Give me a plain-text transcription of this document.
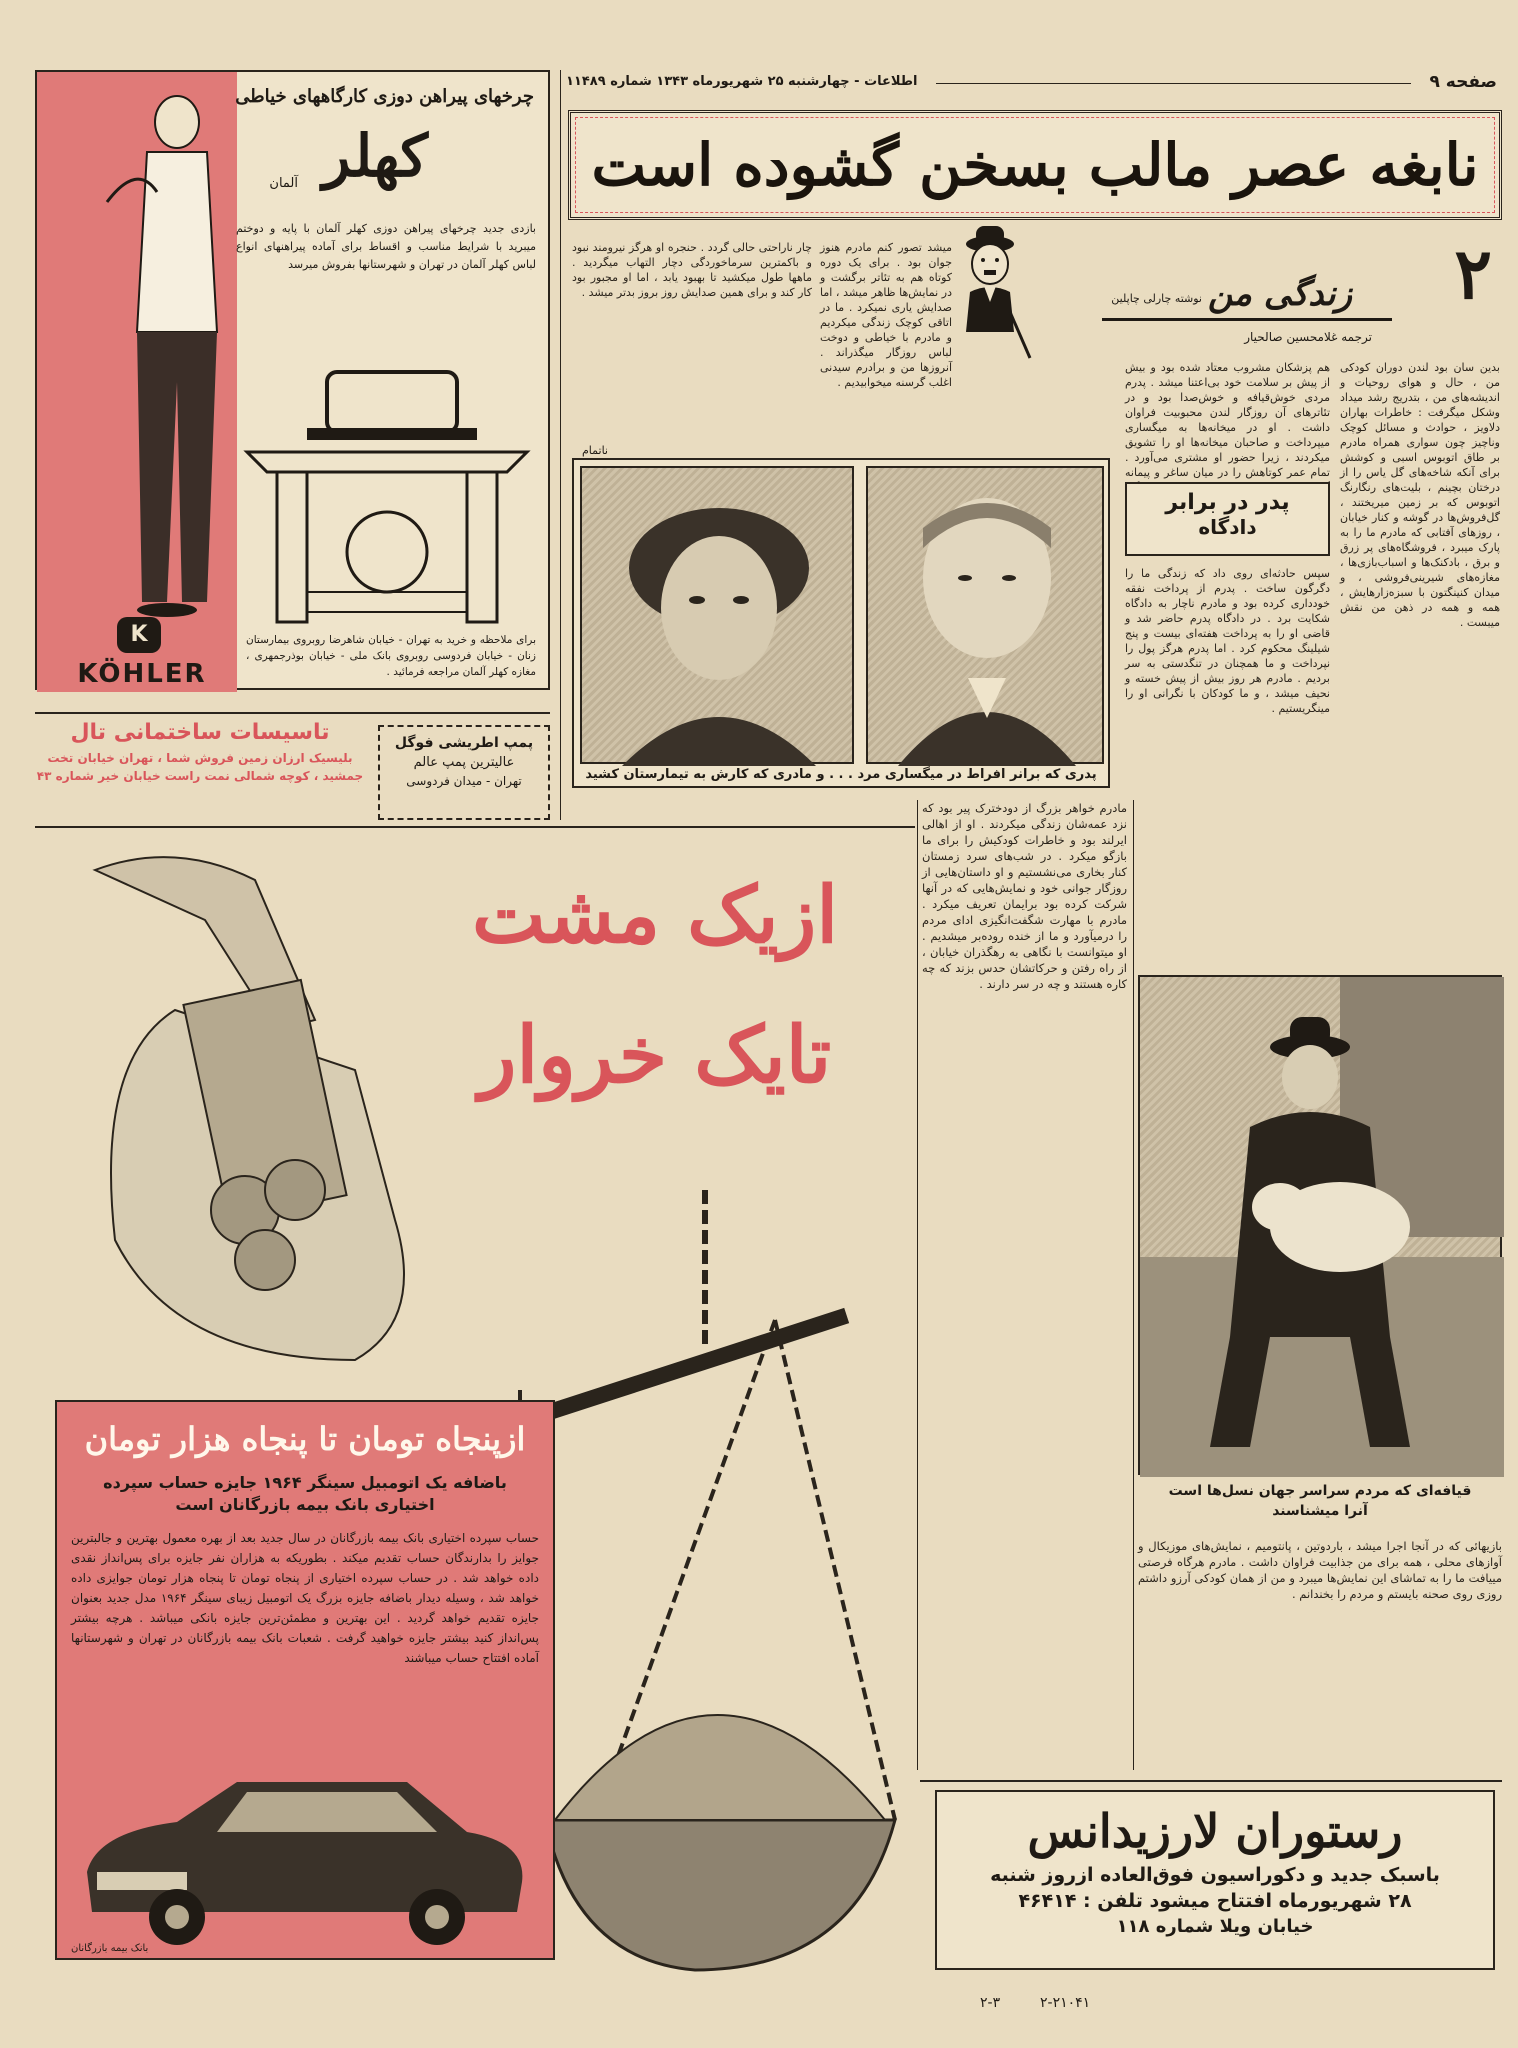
صفحه ۹
اطلاعات - چهارشنبه ۲۵ شهریورماه ۱۳۴۳ شماره ۱۱۴۸۹
نابغه عصر مالب بسخن گشوده است
۲
زندگی من
نوشته چارلی چاپلین
ترجمه غلامحسین صالحیار
بدین سان بود لندن دوران کودکی من ، حال و هوای روحیات و اندیشه‌های من ، بتدریج رشد میداد وشکل میگرفت : خاطرات بهاران دلاویز ، حوادث و مسائل کوچک وناچیز چون سواری همراه مادرم بر طاق اتوبوس اسبی و کوشش برای آنکه شاخه‌های گل یاس را از درختان بچینم ، بلیت‌های رنگارنگ اتوبوس که بر زمین میریختند ، گل‌فروش‌ها در گوشه و کنار خیابان ، روزهای آفتابی که مادرم ما را به پارک میبرد ، فروشگاه‌های پر زرق و برق ، بادکنک‌ها و اسباب‌بازی‌ها ، مغازه‌های شیرینی‌فروشی ، و میدان کنینگتون با سبزه‌زارهایش ، همه و همه در ذهن من نقش میبست .
هم پزشکان مشروب معتاد شده بود و بیش از پیش بر سلامت خود بی‌اعتنا میشد . پدرم مردی خوش‌قیافه و خوش‌صدا بود و در تئاترهای آن روزگار لندن محبوبیت فراوان داشت . او در میخانه‌ها به میگساری میپرداخت و صاحبان میخانه‌ها او را تشویق میکردند ، زیرا حضور او مشتری می‌آورد . تمام عمر کوتاهش را در میان ساغر و پیمانه
میشد تصور کنم مادرم هنوز جوان بود . برای یک دوره کوتاه هم به تئاتر برگشت و در نمایش‌ها ظاهر میشد ، اما صدایش یاری نمیکرد . ما در اتاقی کوچک زندگی میکردیم و مادرم با خیاطی و دوخت لباس روزگار میگذراند . آنروزها من و برادرم سیدنی اغلب گرسنه میخوابیدیم .
چار ناراحتی حالی گردد . حنجره او هرگز نیرومند نبود و باکمترین سرماخوردگی دچار التهاب میگردید . ماهها طول میکشید تا بهبود یابد ، اما او مجبور بود کار کند و برای همین صدایش روز بروز بدتر میشد .
ناتمام
پدر در برابر
دادگاه
سپس حادثه‌ای روی داد که زندگی ما را دگرگون ساخت . پدرم از پرداخت نفقه خودداری کرده بود و مادرم ناچار به دادگاه شکایت برد . در دادگاه پدرم حاضر شد و قاضی او را به پرداخت هفته‌ای بیست و پنج شیلینگ محکوم کرد . اما پدرم هرگز پول را نپرداخت و ما همچنان در تنگدستی به سر بردیم . مادرم هر روز بیش از پیش خسته و نحیف میشد ، و ما کودکان با نگرانی او را مینگریستیم .
پدری که برانر افراط در میگساری مرد . . . و مادری که کارش به تیمارستان کشید
مادرم خواهر بزرگ از دودخترک پیر بود که نزد عمه‌شان زندگی میکردند . او از اهالی ایرلند بود و خاطرات کودکیش را برای ما بازگو میکرد . در شب‌های سرد زمستان کنار بخاری می‌نشستیم و او داستان‌هایی از روزگار جوانی خود و نمایش‌هایی که در آنها شرکت کرده بود برایمان تعریف میکرد . مادرم با مهارت شگفت‌انگیزی ادای مردم را درمیآورد و ما از خنده روده‌بر میشدیم . او میتوانست با نگاهی به رهگذران خیابان ، از راه رفتن و حرکاتشان حدس بزند که چه کاره هستند و چه در سر دارند .
قیافه‌ای که مردم سراسر جهان نسل‌ها است
آنرا میشناسند
بازیهائی که در آنجا اجرا میشد ، باردوتین ، پانتومیم ، نمایش‌های موزیکال و آوازهای محلی ، همه برای من جذابیت فراوان داشت . مادرم هرگاه فرصتی مییافت ما را به تماشای این نمایش‌ها میبرد و من از همان کودکی آرزو داشتم روزی روی صحنه بایستم و مردم را بخندانم .
چرخهای پیراهن دوزی کارگاههای خیاطی
کهلر
آلمان
بازدی جدید چرخهای پیراهن دوزی کهلر آلمان با پایه و دوختم میبرید با شرایط مناسب و اقساط برای آماده پیراهنهای انواع لباس کهلر آلمان در تهران و شهرستانها بفروش میرسد
برای ملاحظه و خرید به تهران - خیابان شاهرضا روبروی بیمارستان زنان - خیابان فردوسی روبروی بانک ملی - خیابان بوذرجمهری ، مغازه کهلر آلمان مراجعه فرمائید .
K
KÖHLER
تاسیسات ساختمانی تال
بلیسیک ارزان زمین فروش شما ، تهران خیابان تخت جمشید ، کوچه شمالی نمت راست خیابان خیر شماره ۴۳
پمپ اطریشی فوگل
عالیترین پمپ عالم
تهران - میدان فردوسی
ازیک مشت
تایک خروار
ازپنجاه تومان تا پنجاه هزار تومان
باضافه یک اتومبیل سینگر ۱۹۶۴ جایزه حساب سپرده اختیاری بانک بیمه بازرگانان است
حساب سپرده اختیاری بانک بیمه بازرگانان در سال جدید بعد از بهره معمول بهترین و جالبترین جوایز را بدارندگان حساب تقدیم میکند . بطوریکه به هزاران نفر جایزه برای پس‌انداز نقدی داده خواهد شد . در حساب سپرده اختیاری از پنجاه تومان تا پنجاه هزار تومان جوایزی داده خواهد شد ، وسیله دیدار باضافه جایزه بزرگ یک اتومبیل زیبای سینگر ۱۹۶۴ مدل جدید بعنوان جایزه تقدیم خواهد گردید . این بهترین و مطمئن‌ترین جایزه بانکی میباشد . هرچه بیشتر پس‌انداز کنید بیشتر جایزه خواهید گرفت . شعبات بانک بیمه بازرگانان در تهران و شهرستانها آماده افتتاح حساب میباشند
بانک بیمه بازرگانان
رستوران لارزیدانس
باسبک جدید و دکوراسیون فوق‌العاده ازروز شنبه
۲۸ شهریورماه افتتاح میشود تلفن : ۴۶۴۱۴
خیابان ویلا شماره ۱۱۸
۲-۳	۲-۲۱۰۴۱
